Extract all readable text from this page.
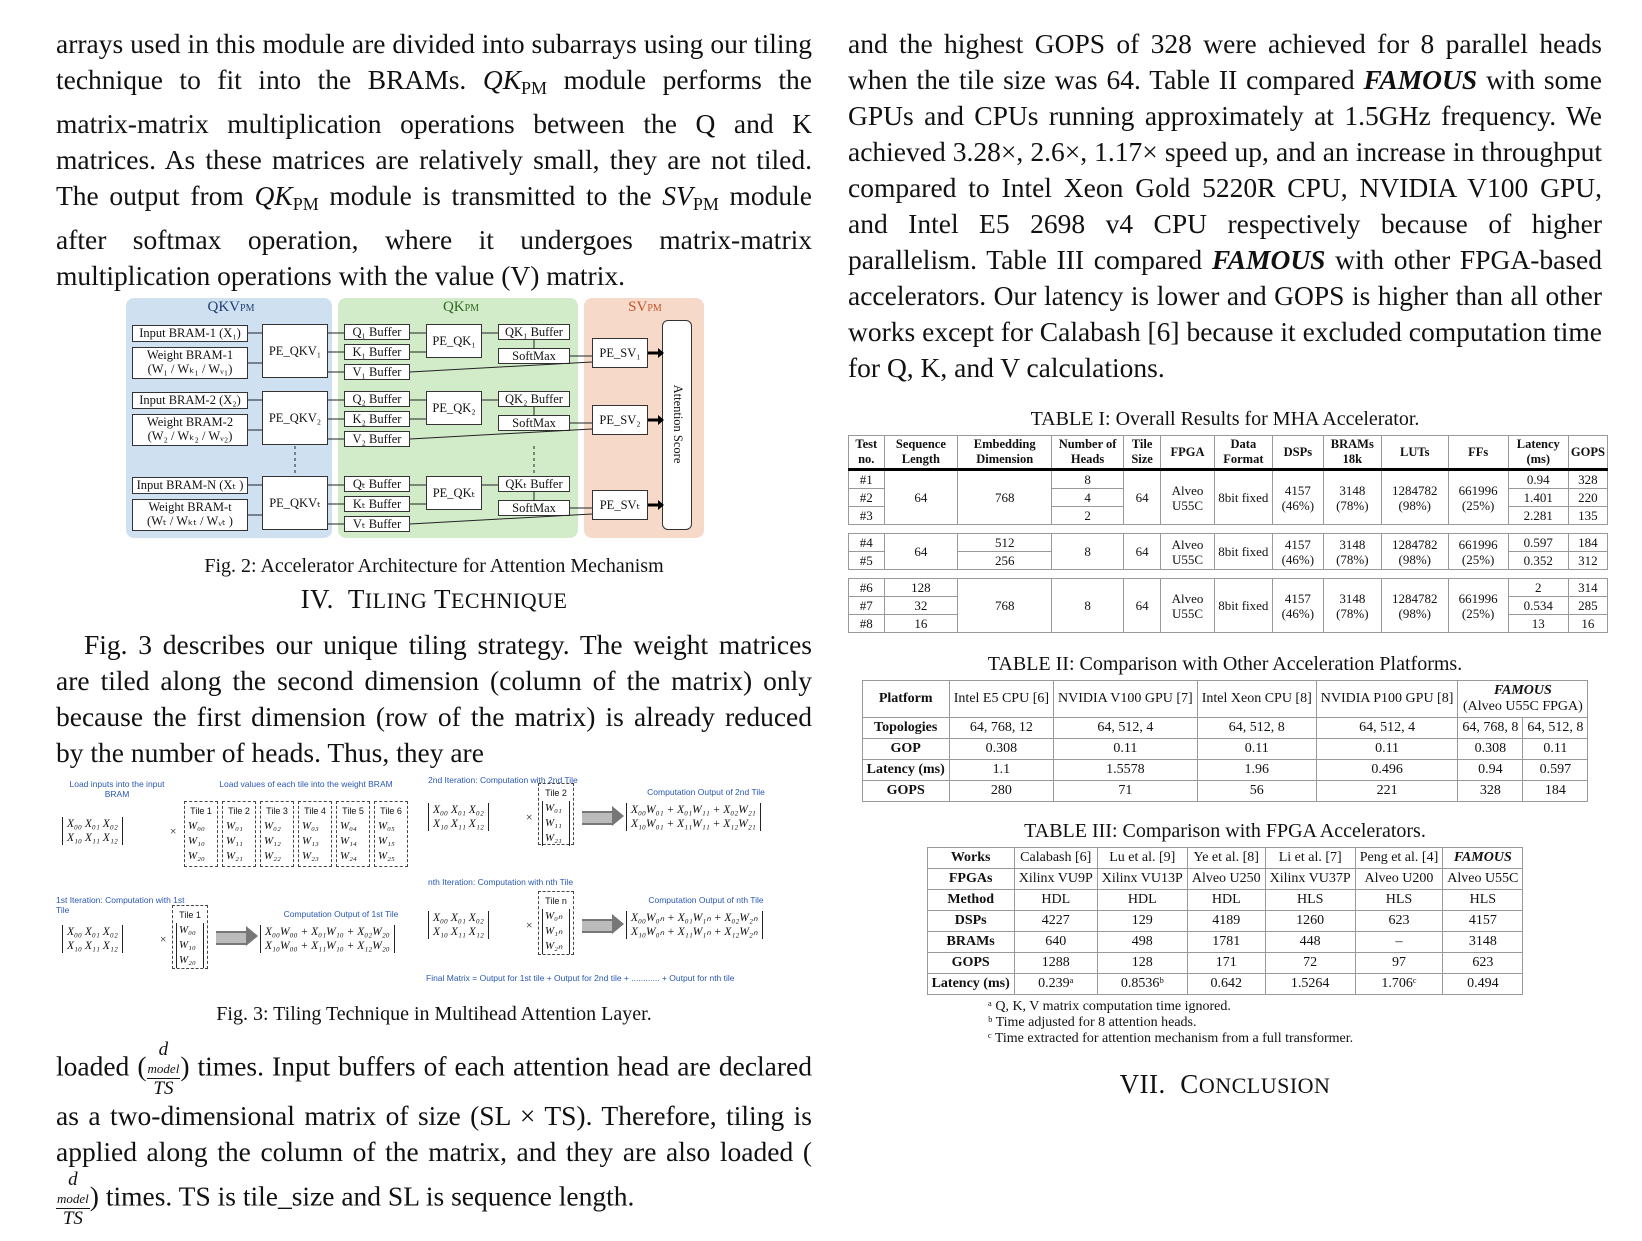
arrays used in this module are divided into subarrays using our tiling technique to fit into the BRAMs. $QK_{PM}$ module performs the matrix-matrix multiplication operations between the Q and K matrices. As these matrices are relatively small, they are not tiled. The output from $QK_{PM}$ module is transmitted to the $SV_{PM}$ module after softmax operation, where it undergoes matrix-matrix multiplication operations with the value (V) matrix.

QKVPM	QKPM	SVPM
Input BRAM-1 (X₁)
Weight BRAM-1
(W₁ / Wₖ₁ / Wᵥ₁)
PE_QKV₁
Q₁ Buffer
K₁ Buffer
V₁ Buffer
PE_QK₁
QK₁ Buffer
SoftMax	PE_SV₁
Input BRAM-2 (X₂)
Weight BRAM-2
(W₂ / Wₖ₂ / Wᵥ₂)
PE_QKV₂
Q₂ Buffer
K₂ Buffer
V₂ Buffer
PE_QK₂
QK₂ Buffer
SoftMax	PE_SV₂
Input BRAM-N (Xₜ )
Weight BRAM-t
(Wₜ / Wₖₜ / Wᵥₜ )
PE_QKVₜ
Qₜ Buffer
Kₜ Buffer
Vₜ Buffer
PE_QKₜ
QKₜ Buffer
SoftMax	PE_SVₜ
Attention Score
Fig. 2: Accelerator Architecture for Attention Mechanism
IV. TILING TECHNIQUE

Fig. 3 describes our unique tiling strategy. The weight matrices are tiled along the second dimension (column of the matrix) only because the first dimension (row of the matrix) is already reduced by the number of heads. Thus, they are

Load inputs into the input BRAM
Load values of each tile into the weight BRAM	2nd Iteration: Computation with 2nd Tile
Computation Output of 2nd Tile
X₀₀ X₀₁ X₀₂
X₁₀ X₁₁ X₁₂	×
Tile 1
W₀₀
W₁₀
W₂₀
Tile 2
W₀₁
W₁₁
W₂₁
Tile 3
W₀₂
W₁₂
W₂₂
Tile 4
W₀₃
W₁₃
W₂₃
Tile 5
W₀₄
W₁₄
W₂₄
Tile 6
W₀₅
W₁₅
W₂₅
X₀₀ X₀₁ X₀₂
X₁₀ X₁₁ X₁₂	×
Tile 2
W₀₁
W₁₁
W₂₁
X₀₀W₀₁ + X₀₁W₁₁ + X₀₂W₂₁
X₁₀W₀₁ + X₁₁W₁₁ + X₁₂W₂₁
1st Iteration: Computation with 1st Tile
nth Iteration: Computation with nth Tile
Computation Output of nth Tile
Computation Output of 1st Tile
X₀₀ X₀₁ X₀₂
X₁₀ X₁₁ X₁₂	×
Tile 1
W₀₀
W₁₀
W₂₀
X₀₀W₀₀ + X₀₁W₁₀ + X₀₂W₂₀
X₁₀W₀₀ + X₁₁W₁₀ + X₁₂W₂₀
X₀₀ X₀₁ X₀₂
X₁₀ X₁₁ X₁₂	×
Tile n
W₀ₙ
W₁ₙ
W₂ₙ
X₀₀W₀ₙ + X₀₁W₁ₙ + X₀₂W₂ₙ
X₁₀W₀ₙ + X₁₁W₁ₙ + X₁₂W₂ₙ
Final Matrix = Output for 1st tile + Output for 2nd tile + ............ + Output for nth tile
Fig. 3: Tiling Technique in Multihead Attention Layer.

loaded ( d
model
TS ) times. Input buffers of each attention head are declared as a two-dimensional matrix of size (SL × TS). Therefore, tiling is applied along the column of the matrix, and they are also loaded (
d
model
TS ) times. TS is tile_size and SL is sequence length.

and the highest GOPS of 328 were achieved for 8 parallel heads when the tile size was 64. Table II compared FAMOUS with some GPUs and CPUs running approximately at 1.5GHz frequency. We achieved 3.28×, 2.6×, 1.17× speed up, and an increase in throughput compared to Intel Xeon Gold 5220R CPU, NVIDIA V100 GPU, and Intel E5 2698 v4 CPU respectively because of higher parallelism. Table III compared FAMOUS with other FPGA-based accelerators. Our latency is lower and GOPS is higher than all other works except for Calabash [6] because it excluded computation time for Q, K, and V calculations.

TABLE I: Overall Results for MHA Accelerator.
Test no.	Sequence Length	Embedding Dimension	Number of Heads	Tile Size	FPGA	Data Format	DSPs	BRAMs 18k	LUTs	FFs	Latency (ms)	GOPS
#1	64	768	8	64	Alveo U55C	8bit fixed	4157 (46%)	3148 (78%)	1284782 (98%)	661996 (25%)	0.94	328
#2			4								1.401	220
#3			2								2.281	135

#4	64	512	8	64	Alveo U55C	8bit fixed	4157 (46%)	3148 (78%)	1284782 (98%)	661996 (25%)	0.597	184
#5		256									0.352	312

#6	128	768	8	64	Alveo U55C	8bit fixed	4157 (46%)	3148 (78%)	1284782 (98%)	661996 (25%)	2	314
#7	32										0.534	285
#8	16										13	16
TABLE II: Comparison with Other Acceleration Platforms.
Platform	Intel E5 CPU [6]	NVIDIA V100 GPU [7]	Intel Xeon CPU [8]	NVIDIA P100 GPU [8]	FAMOUS
(Alveo U55C FPGA)	
Topologies	64, 768, 12	64, 512, 4	64, 512, 8	64, 512, 4	64, 768, 8	64, 512, 8
GOP	0.308	0.11	0.11	0.11	0.308	0.11
Latency (ms)	1.1	1.5578	1.96	0.496	0.94	0.597
GOPS	280	71	56	221	328	184
TABLE III: Comparison with FPGA Accelerators.
Works	Calabash [6]	Lu et al. [9]	Ye et al. [8]	Li et al. [7]	Peng et al. [4]	FAMOUS
FPGAs	Xilinx VU9P	Xilinx VU13P	Alveo U250	Xilinx VU37P	Alveo U200	Alveo U55C
Method	HDL	HDL	HDL	HLS	HLS	HLS
DSPs	4227	129	4189	1260	623	4157
BRAMs	640	498	1781	448	–	3148
GOPS	1288	128	171	72	97	623
Latency (ms)	0.239ᵃ	0.8536ᵇ	0.642	1.5264	1.706ᶜ	0.494
ᵃ Q, K, V matrix computation time ignored.
ᵇ Time adjusted for 8 attention heads.
ᶜ Time extracted for attention mechanism from a full transformer.
VII. CONCLUSION
